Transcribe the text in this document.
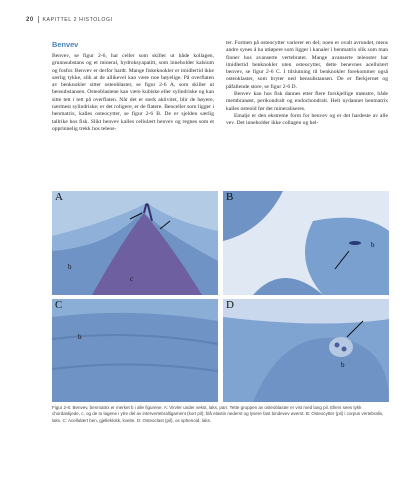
20 KAPITTEL 2 HISTOLOGI
Benvev

Benvev, se figur 2-6, har celler som skiller ut både kollagen, grunnsubstans og et mineral, hydroksyapatitt, som inneholder kalsium og fosfor. Benvev er derfor hardt. Mange fiskeknokler er imidlertid ikke særlig tykke, slik at de allikevel kan være noe bøyelige. På overflaten av benknokler sitter osteoblaster, se figur 2-6 A, som skiller ut bensubstansen. Osteoblastene kan være kubiske eller sylindriske og kan sitte tett i tett på overflaten. Når det er sterk aktivitet, blir de høyere, nærmest sylindriske; er det roligere, er de flatere. Benceller som ligger i benmatrix, kalles osteocytter, se figur 2-6 B. De er sjelden særlig tallrike hos fisk. Slikt benvev kalles cellulært benvev og regnes som et opprinnelig trekk hos teleos-

ter. Formen på osteocytter varierer en del; noen er ovalt avrundet, mens andre synes å ha utløpere som ligger i kanaler i benmatrix slik som man finner hos avanserte vertebrater. Mange avanserte teleoster har imidlertid benknokler uten osteocytter, dette benevnes acellulært benvev, se figur 2-6 C. I tilslutning til benknokler forekommer også osteoklaster, som bryter ned bensubstansen. De er flerkjernet og påfallende store, se figur 2-6 D.

Benvev kan hos fisk dannes etter flere forskjellige mønstre, både membranøst, perikondralt og endochondralt. Helt nydannet benmatrix kalles osteoid før det mineraliseres.

Emalje er den ekstreme form for benvev og er det hardeste av alle vev. Det inneholder ikke collagen og hel-

A
b
c
B
b
C
b
D
b

Figur 2-6: Benvev, benmatrix er merket b i alle figurene. A: Virvler under vekst, laks, parr. Tette gruppen av osteoblaster er vist med lang pil. Ellers sees tykk chordaskjede, c, og de to lagene i ytre del av intervertebralligament (kort pil); blå elastin nederst og lysere fast bindevev øverst. B: Osteocytter (pil) i corpus vertebralis, laks. C: Acellulært ben, gjelleklokk, kveite. D: Osteoclast (pil), os sphenoid, laks.
